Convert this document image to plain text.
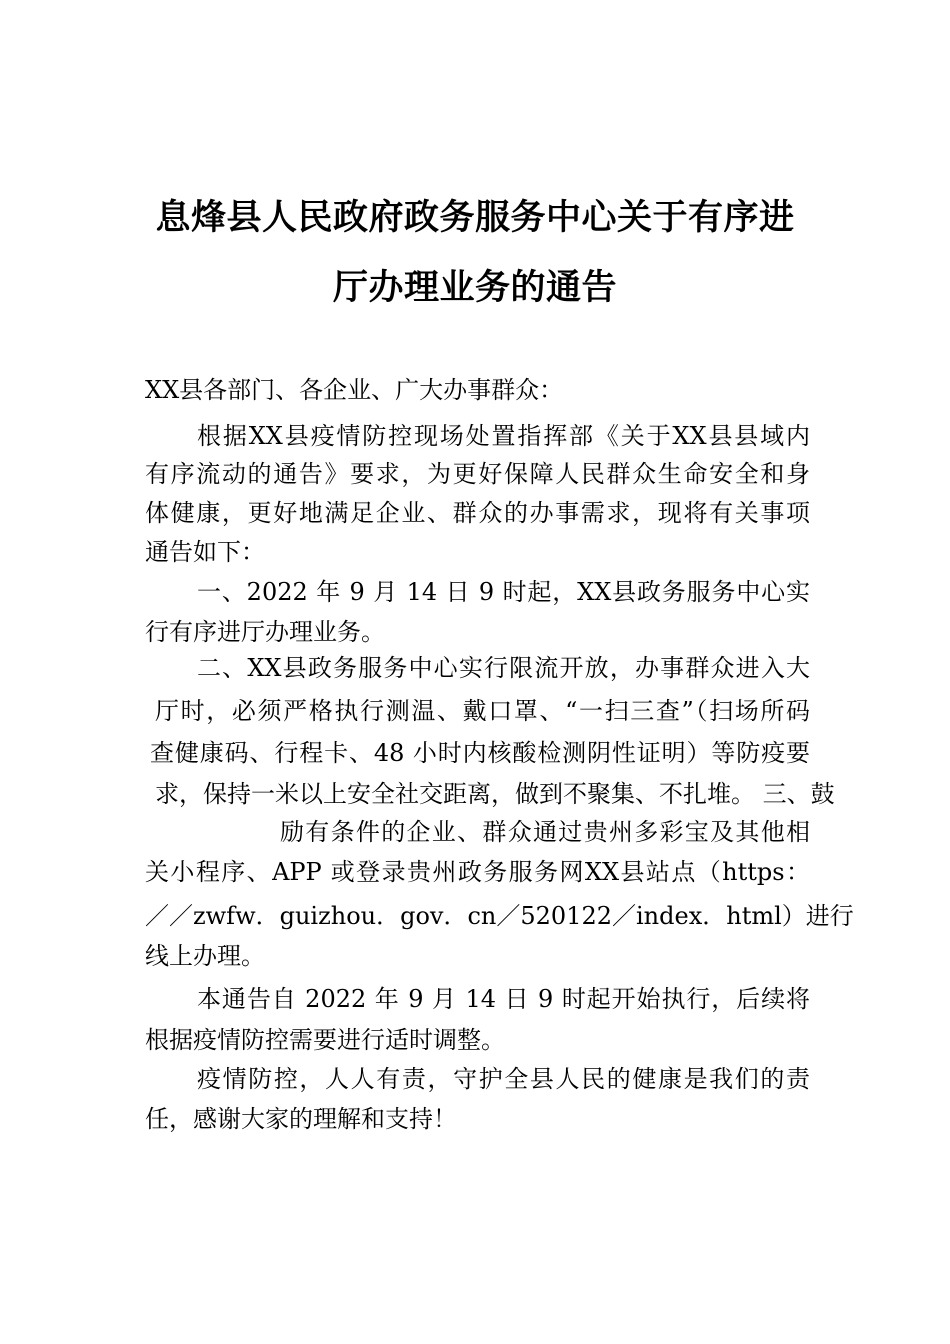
息烽县人民政府政务服务中心关于有序进
厅办理业务的通告
XX县各部门、各企业、广大办事群众：
根据XX县疫情防控现场处置指挥部《关于XX县县域内
有序流动的通告》要求，为更好保障人民群众生命安全和身
体健康，更好地满足企业、群众的办事需求，现将有关事项
通告如下：
一、2022 年 9 月 14 日 9 时起，XX县政务服务中心实
行有序进厅办理业务。
二、XX县政务服务中心实行限流开放，办事群众进入大
厅时，必须严格执行测温、戴口罩、“一扫三查”（扫场所码
查健康码、行程卡、48 小时内核酸检测阴性证明）等防疫要
求，保持一米以上安全社交距离，做到不聚集、不扎堆。 三、鼓
励有条件的企业、群众通过贵州多彩宝及其他相
关小程序、APP 或登录贵州政务服务网XX县站点（https：
／／zwfw．guizhou．gov．cn／520122／index．html）进行
线上办理。
本通告自 2022 年 9 月 14 日 9 时起开始执行，后续将
根据疫情防控需要进行适时调整。
疫情防控，人人有责，守护全县人民的健康是我们的责
任，感谢大家的理解和支持！
